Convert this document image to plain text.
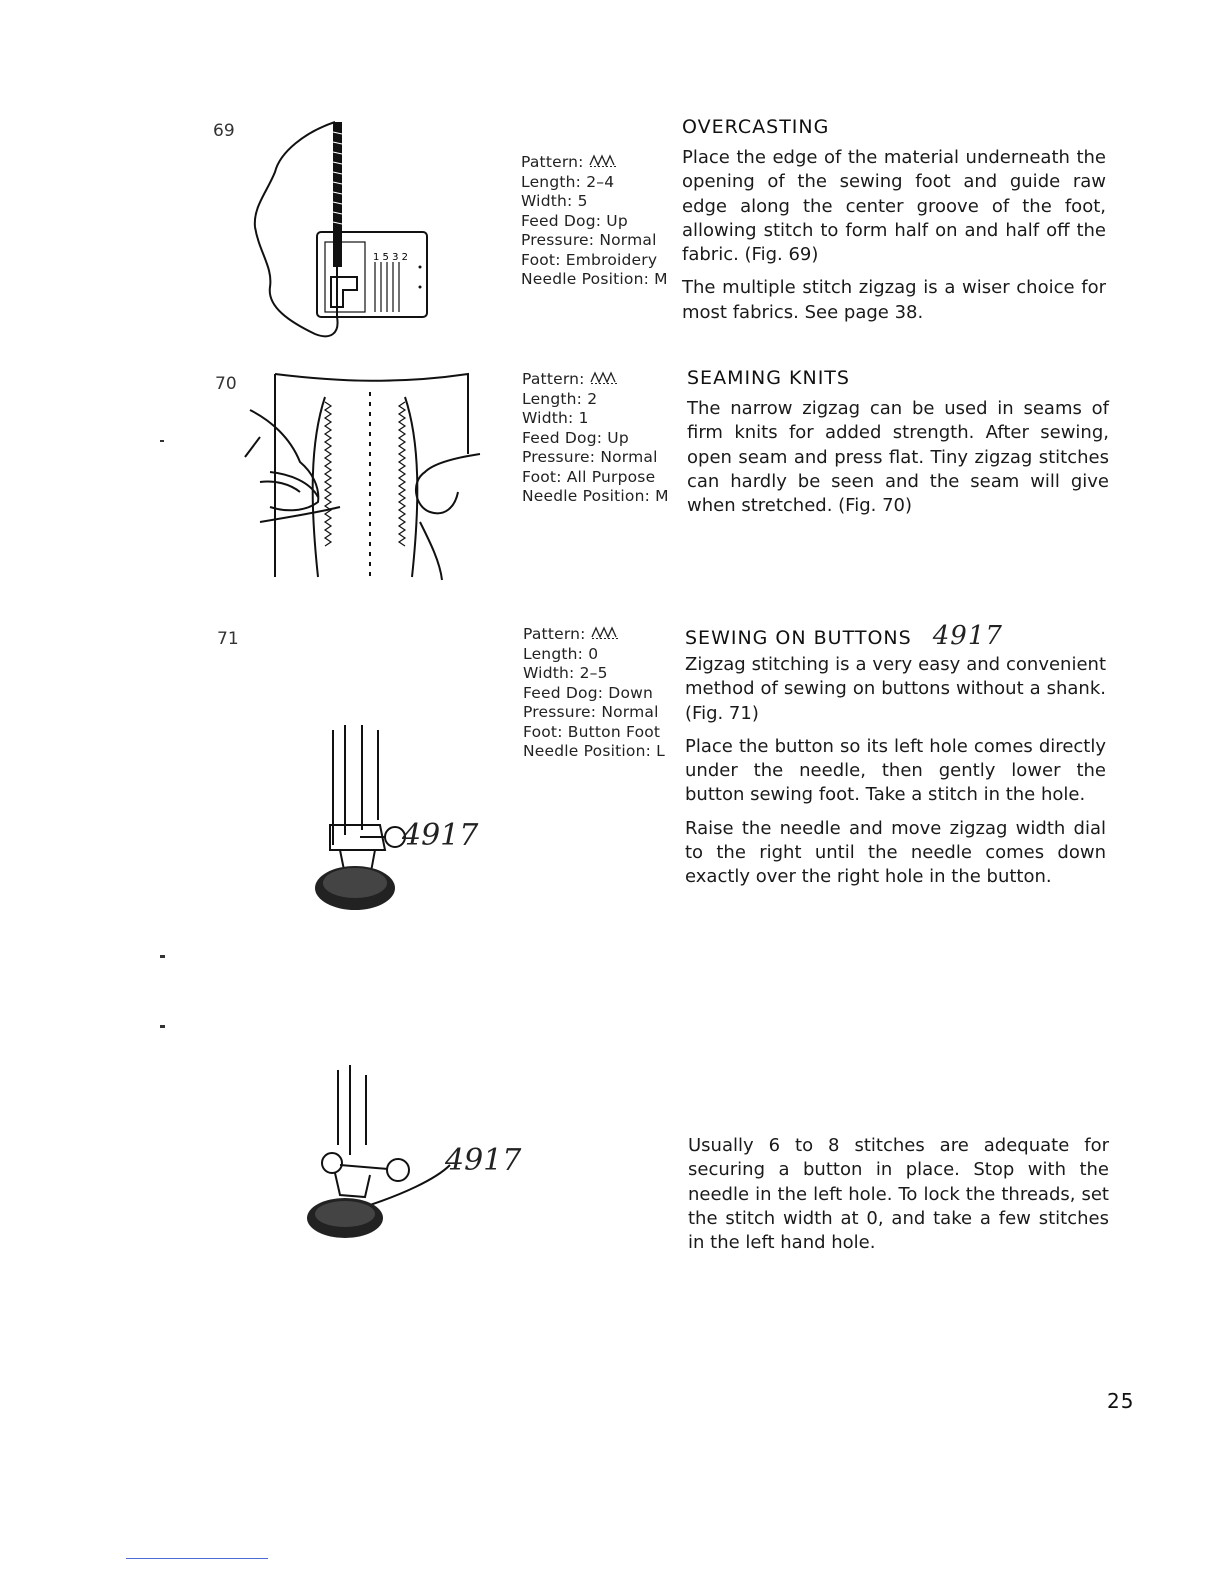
69
70
71
1 5 3 2
4917
4917
Pattern:
Length: 2–4
Width: 5
Feed Dog: Up
Pressure: Normal
Foot: Embroidery
Needle Position: M
OVERCASTING

Place the edge of the material underneath the opening of the sewing foot and guide raw edge along the center groove of the foot, allowing stitch to form half on and half off the fabric. (Fig. 69)

The multiple stitch zigzag is a wiser choice for most fabrics. See page 38.

Pattern:
Length: 2
Width: 1
Feed Dog: Up
Pressure: Normal
Foot: All Purpose
Needle Position: M
SEAMING KNITS

The narrow zigzag can be used in seams of firm knits for added strength. After sewing, open seam and press flat. Tiny zigzag stitches can hardly be seen and the seam will give when stretched. (Fig. 70)

Pattern:
Length: 0
Width: 2–5
Feed Dog: Down
Pressure: Normal
Foot: Button Foot
Needle Position: L
SEWING ON BUTTONS 4917

Zigzag stitching is a very easy and convenient method of sewing on buttons without a shank. (Fig. 71)

Place the button so its left hole comes directly under the needle, then gently lower the button sewing foot. Take a stitch in the hole.

Raise the needle and move zigzag width dial to the right until the needle comes down exactly over the right hole in the button.

Usually 6 to 8 stitches are adequate for securing a button in place. Stop with the needle in the left hole. To lock the threads, set the stitch width at 0, and take a few stitches in the left hand hole.

25
